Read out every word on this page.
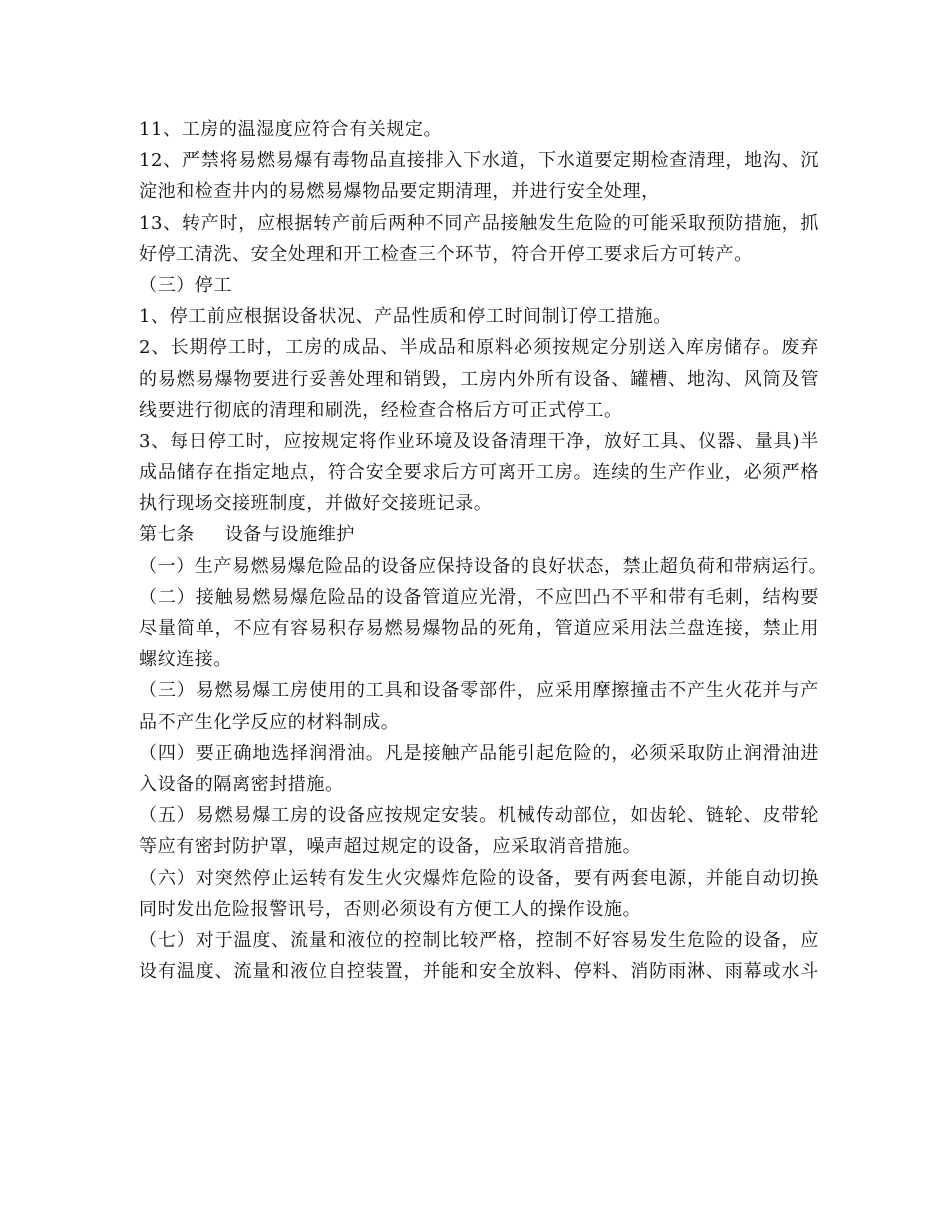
11、工房的温湿度应符合有关规定。
12、严禁将易燃易爆有毒物品直接排入下水道，下水道要定期检查清理，地沟、沉
淀池和检查井内的易燃易爆物品要定期清理，并进行安全处理，
13、转产时，应根据转产前后两种不同产品接触发生危险的可能采取预防措施，抓
好停工清洗、安全处理和开工检查三个环节，符合开停工要求后方可转产。
（三）停工
1、停工前应根据设备状况、产品性质和停工时间制订停工措施。
2、长期停工时，工房的成品、半成品和原料必须按规定分别送入库房储存。废弃
的易燃易爆物要进行妥善处理和销毁，工房内外所有设备、罐槽、地沟、风筒及管
线要进行彻底的清理和刷洗，经检查合格后方可正式停工。
3、每日停工时，应按规定将作业环境及设备清理干净，放好工具、仪器、量具)半
成品储存在指定地点，符合安全要求后方可离开工房。连续的生产作业，必须严格
执行现场交接班制度，并做好交接班记录。
第七条 设备与设施维护
（一）生产易燃易爆危险品的设备应保持设备的良好状态，禁止超负荷和带病运行。
（二）接触易燃易爆危险品的设备管道应光滑，不应凹凸不平和带有毛刺，结构要
尽量简单，不应有容易积存易燃易爆物品的死角，管道应采用法兰盘连接，禁止用
螺纹连接。
（三）易燃易爆工房使用的工具和设备零部件，应采用摩擦撞击不产生火花并与产
品不产生化学反应的材料制成。
（四）要正确地选择润滑油。凡是接触产品能引起危险的，必须采取防止润滑油进
入设备的隔离密封措施。
（五）易燃易爆工房的设备应按规定安装。机械传动部位，如齿轮、链轮、皮带轮
等应有密封防护罩，噪声超过规定的设备，应采取消音措施。
（六）对突然停止运转有发生火灾爆炸危险的设备，要有两套电源，并能自动切换
同时发出危险报警讯号，否则必须设有方便工人的操作设施。
（七）对于温度、流量和液位的控制比较严格，控制不好容易发生危险的设备，应
设有温度、流量和液位自控装置，并能和安全放料、停料、消防雨淋、雨幕或水斗
